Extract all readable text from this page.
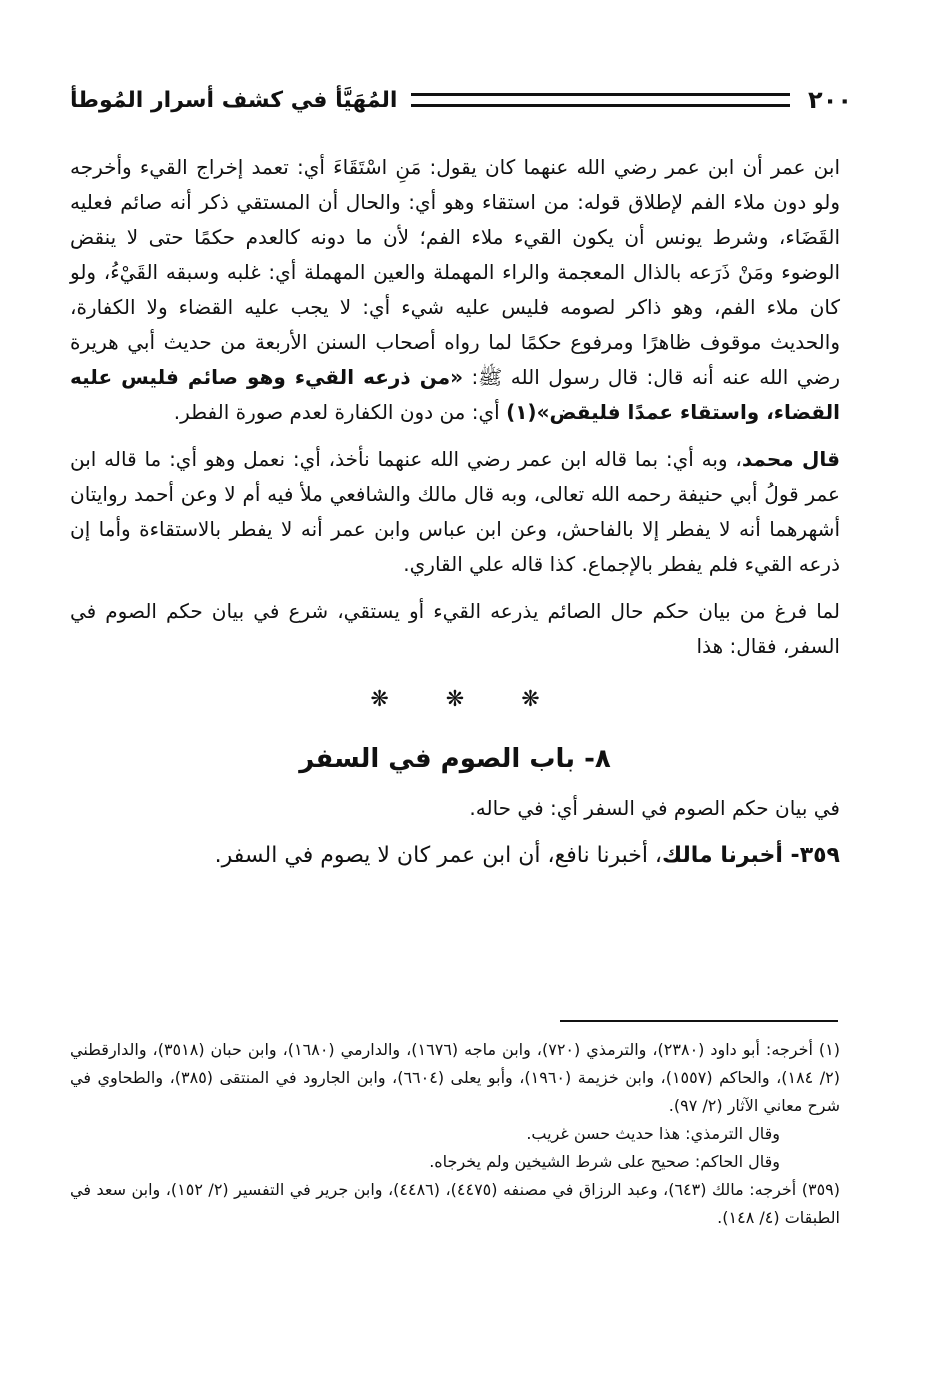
٢٠٠
المُهَيَّأ في كشف أسرار المُوطأ

ابن عمر أن ابن عمر رضي الله عنهما كان يقول: مَنِ اسْتَقَاءَ أي: تعمد إخراج القيء وأخرجه ولو دون ملاء الفم لإطلاق قوله: من استقاء وهو أي: والحال أن المستقي ذكر أنه صائم فعليه القَضَاء، وشرط يونس أن يكون القيء ملاء الفم؛ لأن ما دونه كالعدم حكمًا حتى لا ينقض الوضوء ومَنْ ذَرَعه بالذال المعجمة والراء المهملة والعين المهملة أي: غلبه وسبقه القَيْءُ، ولو كان ملاء الفم، وهو ذاكر لصومه فليس عليه شيء أي: لا يجب عليه القضاء ولا الكفارة، والحديث موقوف ظاهرًا ومرفوع حكمًا لما رواه أصحاب السنن الأربعة من حديث أبي هريرة رضي الله عنه أنه قال: قال رسول الله ﷺ: «من ذرعه القيء وهو صائم فليس عليه القضاء، واستقاء عمدًا فليقض»(١) أي: من دون الكفارة لعدم صورة الفطر.

قال محمد، وبه أي: بما قاله ابن عمر رضي الله عنهما نأخذ، أي: نعمل وهو أي: ما قاله ابن عمر قولُ أبي حنيفة رحمه الله تعالى، وبه قال مالك والشافعي ملأ فيه أم لا وعن أحمد روايتان أشهرهما أنه لا يفطر إلا بالفاحش، وعن ابن عباس وابن عمر أنه لا يفطر بالاستقاءة وأما إن ذرعه القيء فلم يفطر بالإجماع. كذا قاله علي القاري.

لما فرغ من بيان حكم حال الصائم يذرعه القيء أو يستقي، شرع في بيان حكم الصوم في السفر، فقال: هذا

❋ ❋ ❋
٨- باب الصوم في السفر

في بيان حكم الصوم في السفر أي: في حاله.

٣٥٩- أخبرنا مالك، أخبرنا نافع، أن ابن عمر كان لا يصوم في السفر.

(١) أخرجه: أبو داود (٢٣٨٠)، والترمذي (٧٢٠)، وابن ماجه (١٦٧٦)، والدارمي (١٦٨٠)، وابن حبان (٣٥١٨)، والدارقطني (٢/ ١٨٤)، والحاكم (١٥٥٧)، وابن خزيمة (١٩٦٠)، وأبو يعلى (٦٦٠٤)، وابن الجارود في المنتقى (٣٨٥)، والطحاوي في شرح معاني الآثار (٢/ ٩٧).

وقال الترمذي: هذا حديث حسن غريب.

وقال الحاكم: صحيح على شرط الشيخين ولم يخرجاه.

(٣٥٩) أخرجه: مالك (٦٤٣)، وعبد الرزاق في مصنفه (٤٤٧٥)، (٤٤٨٦)، وابن جرير في التفسير (٢/ ١٥٢)، وابن سعد في الطبقات (٤/ ١٤٨).
